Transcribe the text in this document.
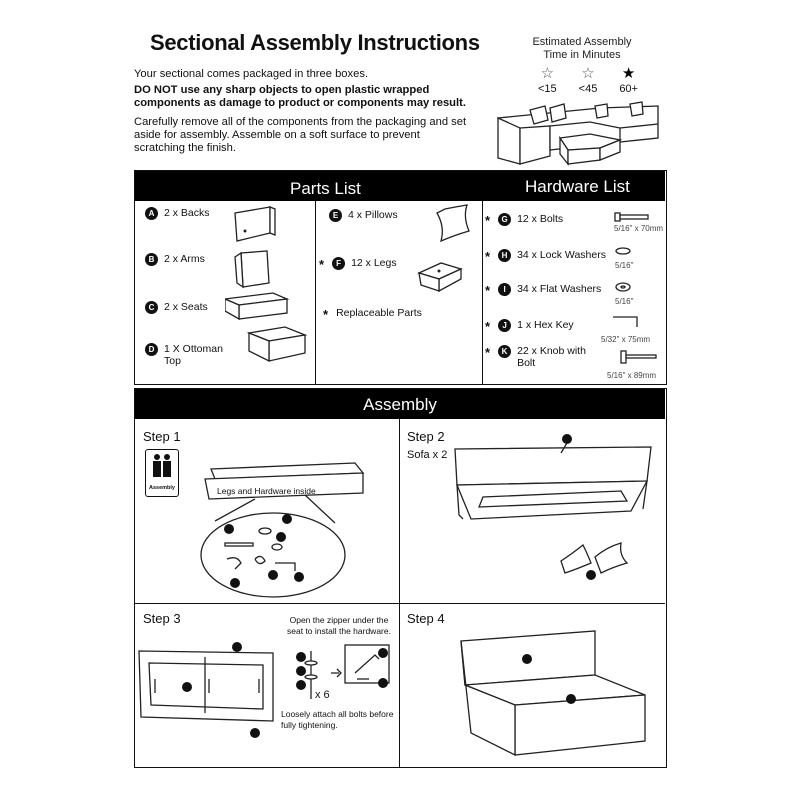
Sectional Assembly Instructions
Your sectional comes packaged in three boxes.
DO NOT use any sharp objects to open plastic wrapped components as damage to product or components may result.
Carefully remove all of the components from the packaging and set aside for assembly. Assemble on a soft surface to prevent scratching the finish.
Estimated Assembly
Time in Minutes
☆
<15
☆
<45
★
60+
Parts List	Hardware List
A 2 x Backs
B 2 x Arms
C 2 x Seats
D 1 X Ottoman Top
E 4 x Pillows
*	F 12 x Legs
* Replaceable Parts
*	G 12 x Bolts
*	H 34 x Lock Washers
*	I	34 x Flat Washers
*	J 1 x Hex Key
*	K 22 x Knob with Bolt
5/16" x 70mm
5/16"
5/16"
5/32" x 75mm
5/16" x 89mm
Assembly
Step 1
Assembly	Legs and Hardware inside
Step 2
Sofa x 2
Step 3	Open the zipper under the seat to install the hardware.
x 6
Loosely attach all bolts before fully tightening.
Step 4
